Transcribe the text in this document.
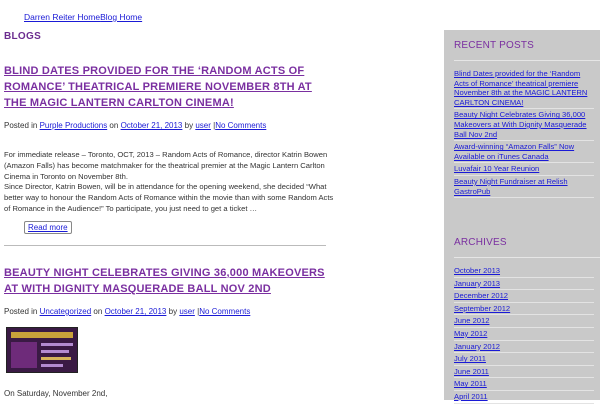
Darren Reiter HomeBlog Home
BLOGS
BLIND DATES PROVIDED FOR THE ‘RANDOM ACTS OF ROMANCE’ THEATRICAL PREMIERE NOVEMBER 8TH AT THE MAGIC LANTERN CARLTON CINEMA!
Posted in Purple Productions on October 21, 2013 by user |No Comments
For immediate release – Toronto, OCT, 2013 – Random Acts of Romance, director Katrin Bowen (Amazon Falls) has become matchmaker for the theatrical premier at the Magic Lantern Carlton Cinema in Toronto on November 8th.
Since Director, Katrin Bowen, will be in attendance for the opening weekend, she decided “What better way to honour the Random Acts of Romance within the movie than with some Random Acts of Romance in the Audience!” To participate, you just need to get a ticket …
Read more
BEAUTY NIGHT CELEBRATES GIVING 36,000 MAKEOVERS AT WITH DIGNITY MASQUERADE BALL NOV 2ND
Posted in Uncategorized on October 21, 2013 by user |No Comments
On Saturday, November 2nd,
RECENT POSTS
Blind Dates provided for the ‘Random Acts of Romance’ theatrical premiere November 8th at the MAGIC LANTERN CARLTON CINEMA!
Beauty Night Celebrates Giving 36,000 Makeovers at With Dignity Masquerade Ball Nov 2nd
Award-winning “Amazon Falls” Now Available on iTunes Canada
Luvafair 10 Year Reunion
Beauty Night Fundraiser at Relish GastroPub
ARCHIVES
October 2013
January 2013
December 2012
September 2012
June 2012
May 2012
January 2012
July 2011
June 2011
May 2011
April 2011
